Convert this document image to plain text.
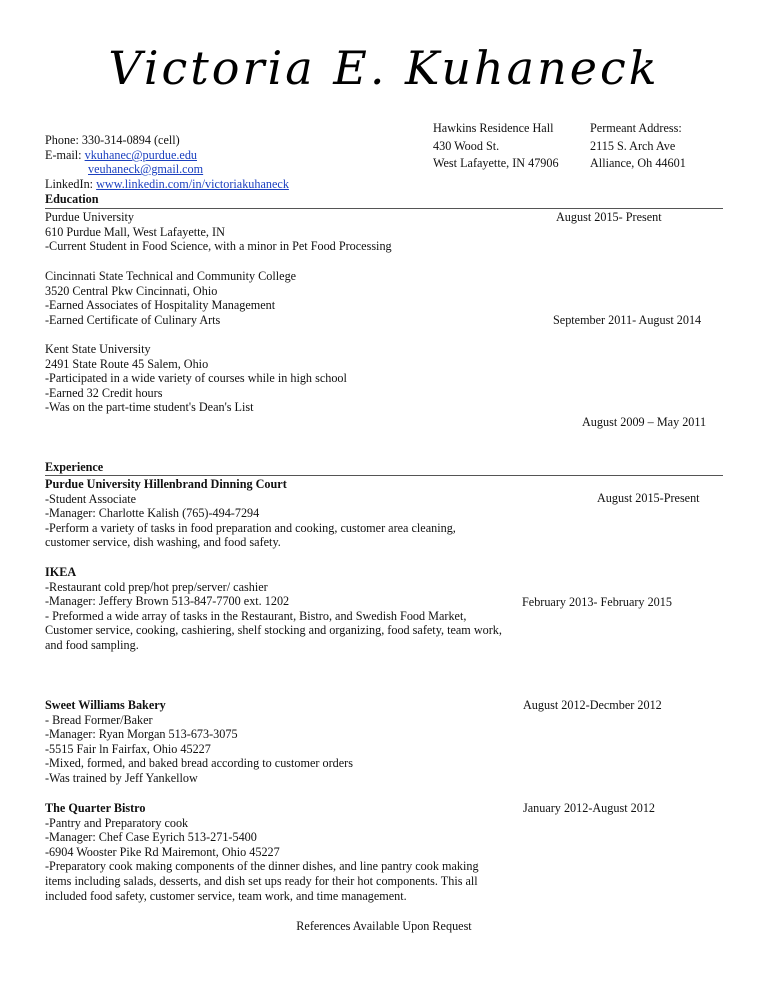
Victoria E. Kuhaneck
Phone: 330-314-0894 (cell)
E-mail: vkuhanec@purdue.edu
veuhaneck@gmail.com
LinkedIn: www.linkedin.com/in/victoriakuhaneck
Hawkins Residence Hall
430 Wood St.
West Lafayette, IN 47906
Permeant Address:
2115 S. Arch Ave
Alliance, Oh 44601
Education
Purdue University
610 Purdue Mall, West Lafayette, IN
-Current Student in Food Science, with a minor in Pet Food Processing
August 2015- Present
Cincinnati State Technical and Community College
3520 Central Pkw Cincinnati, Ohio
-Earned Associates of Hospitality Management
-Earned Certificate of Culinary Arts	September 2011- August 2014
Kent State University
2491 State Route 45 Salem, Ohio
-Participated in a wide variety of courses while in high school
-Earned 32 Credit hours
-Was on the part-time student's Dean's List
August 2009 – May 2011
Experience
Purdue University Hillenbrand Dinning Court
-Student Associate
-Manager: Charlotte Kalish (765)-494-7294
-Perform a variety of tasks in food preparation and cooking, customer area cleaning,
customer service, dish washing, and food safety.
August 2015-Present
IKEA
-Restaurant cold prep/hot prep/server/ cashier
-Manager: Jeffery Brown 513-847-7700 ext. 1202
- Preformed a wide array of tasks in the Restaurant, Bistro, and Swedish Food Market,
Customer service, cooking, cashiering, shelf stocking and organizing, food safety, team work,
and food sampling.
February 2013- February 2015
Sweet Williams Bakery
- Bread Former/Baker
-Manager: Ryan Morgan 513-673-3075
-5515 Fair ln Fairfax, Ohio 45227
-Mixed, formed, and baked bread according to customer orders
-Was trained by Jeff Yankellow
August 2012-Decmber 2012
The Quarter Bistro
-Pantry and Preparatory cook
-Manager: Chef Case Eyrich 513-271-5400
-6904 Wooster Pike Rd Mairemont, Ohio 45227
-Preparatory cook making components of the dinner dishes, and line pantry cook making
items including salads, desserts, and dish set ups ready for their hot components. This all
included food safety, customer service, team work, and time management.
January 2012-August 2012
References Available Upon Request
